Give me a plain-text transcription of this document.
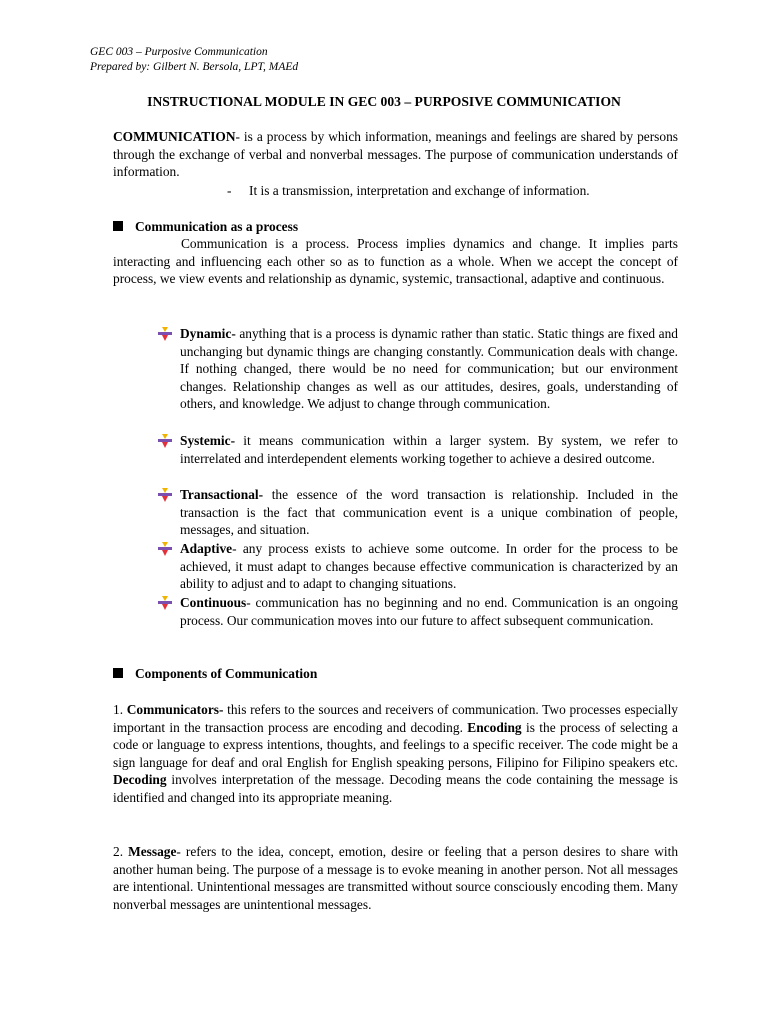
GEC 003 – Purposive Communication
Prepared by: Gilbert N. Bersola, LPT, MAEd
INSTRUCTIONAL MODULE IN GEC 003 – PURPOSIVE COMMUNICATION
COMMUNICATION- is a process by which information, meanings and feelings are shared by persons through the exchange of verbal and nonverbal messages. The purpose of communication understands of information.
- It is a transmission, interpretation and exchange of information.
Communication as a process
Communication is a process. Process implies dynamics and change. It implies parts interacting and influencing each other so as to function as a whole. When we accept the concept of process, we view events and relationship as dynamic, systemic, transactional, adaptive and continuous.
Dynamic- anything that is a process is dynamic rather than static. Static things are fixed and unchanging but dynamic things are changing constantly. Communication deals with change. If nothing changed, there would be no need for communication; but our environment changes. Relationship changes as well as our attitudes, desires, goals, understanding of others, and knowledge. We adjust to change through communication.
Systemic- it means communication within a larger system. By system, we refer to interrelated and interdependent elements working together to achieve a desired outcome.
Transactional- the essence of the word transaction is relationship. Included in the transaction is the fact that communication event is a unique combination of people, messages, and situation.
Adaptive- any process exists to achieve some outcome. In order for the process to be achieved, it must adapt to changes because effective communication is characterized by an ability to adjust and to adapt to changing situations.
Continuous- communication has no beginning and no end. Communication is an ongoing process. Our communication moves into our future to affect subsequent communication.
Components of Communication
1. Communicators- this refers to the sources and receivers of communication. Two processes especially important in the transaction process are encoding and decoding. Encoding is the process of selecting a code or language to express intentions, thoughts, and feelings to a specific receiver. The code might be a sign language for deaf and oral English for English speaking persons, Filipino for Filipino speakers etc. Decoding involves interpretation of the message. Decoding means the code containing the message is identified and changed into its appropriate meaning.
2. Message- refers to the idea, concept, emotion, desire or feeling that a person desires to share with another human being. The purpose of a message is to evoke meaning in another person. Not all messages are intentional. Unintentional messages are transmitted without source consciously encoding them. Many nonverbal messages are unintentional messages.
